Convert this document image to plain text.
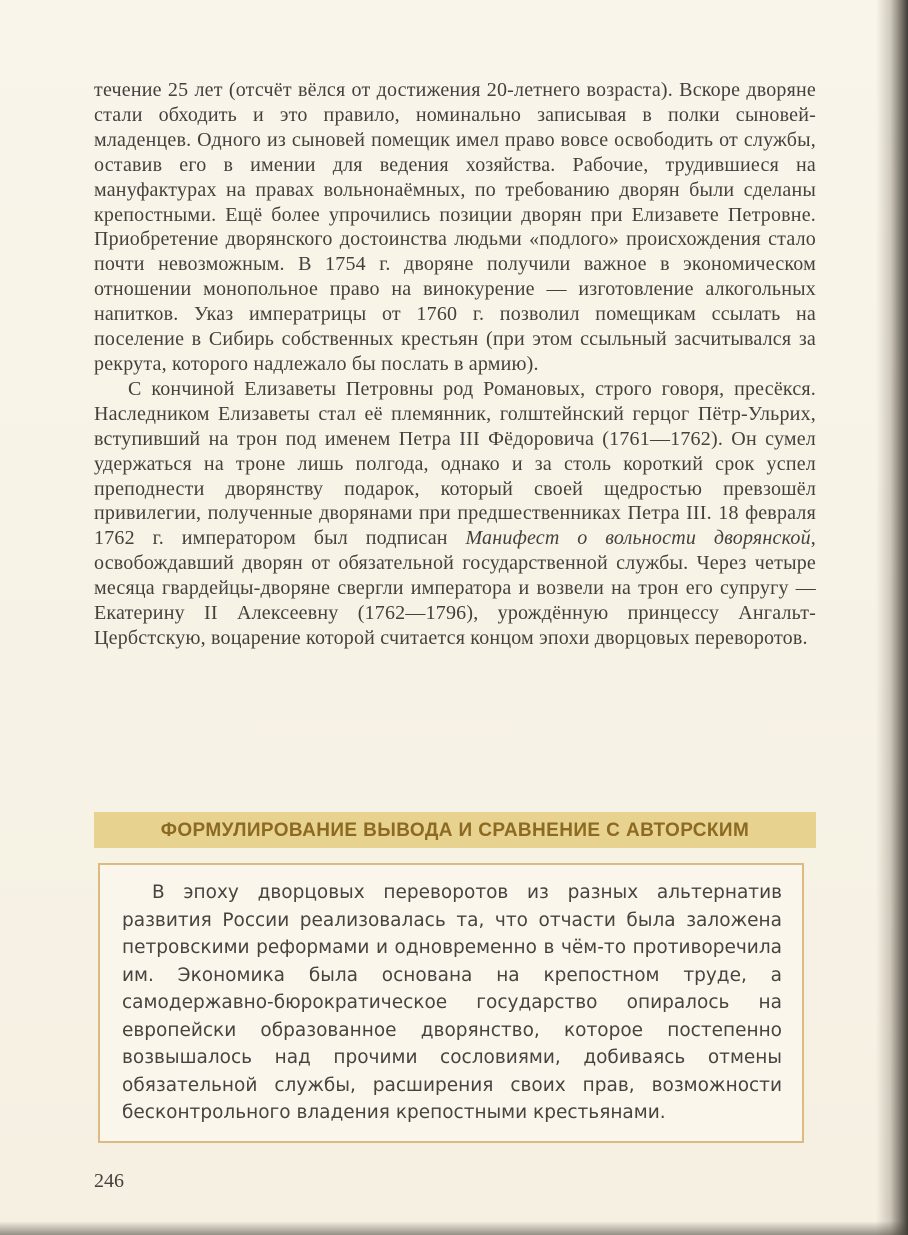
течение 25 лет (отсчёт вёлся от достижения 20-летнего возраста). Вскоре дворяне стали обходить и это правило, номинально записывая в полки сыновей-младенцев. Одного из сыновей помещик имел право вовсе освободить от службы, оставив его в имении для ведения хозяйства. Рабочие, трудившиеся на мануфактурах на правах вольнонаёмных, по требованию дворян были сделаны крепостными. Ещё более упрочились позиции дворян при Елизавете Петровне. Приобретение дворянского достоинства людьми «подлого» происхождения стало почти невозможным. В 1754 г. дворяне получили важное в экономическом отношении монопольное право на винокурение — изготовление алкогольных напитков. Указ императрицы от 1760 г. позволил помещикам ссылать на поселение в Сибирь собственных крестьян (при этом ссыльный засчитывался за рекрута, которого надлежало бы послать в армию).

С кончиной Елизаветы Петровны род Романовых, строго говоря, пресёкся. Наследником Елизаветы стал её племянник, голштейнский герцог Пётр-Ульрих, вступивший на трон под именем Петра III Фёдоровича (1761—1762). Он сумел удержаться на троне лишь полгода, однако и за столь короткий срок успел преподнести дворянству подарок, который своей щедростью превзошёл привилегии, полученные дворянами при предшественниках Петра III. 18 февраля 1762 г. императором был подписан Манифест о вольности дворянской, освобождавший дворян от обязательной государственной службы. Через четыре месяца гвардейцы-дворяне свергли императора и возвели на трон его супругу — Екатерину II Алексеевну (1762—1796), урождённую принцессу Ангальт-Цербстскую, воцарение которой считается концом эпохи дворцовых переворотов.

ФОРМУЛИРОВАНИЕ ВЫВОДА И СРАВНЕНИЕ С АВТОРСКИМ

В эпоху дворцовых переворотов из разных альтернатив развития России реализовалась та, что отчасти была заложена петровскими реформами и одновременно в чём-то противоречила им. Экономика была основана на крепостном труде, а самодержавно-бюрократическое государство опиралось на европейски образованное дворянство, которое постепенно возвышалось над прочими сословиями, добиваясь отмены обязательной службы, расширения своих прав, возможности бесконтрольного владения крепостными крестьянами.

246
